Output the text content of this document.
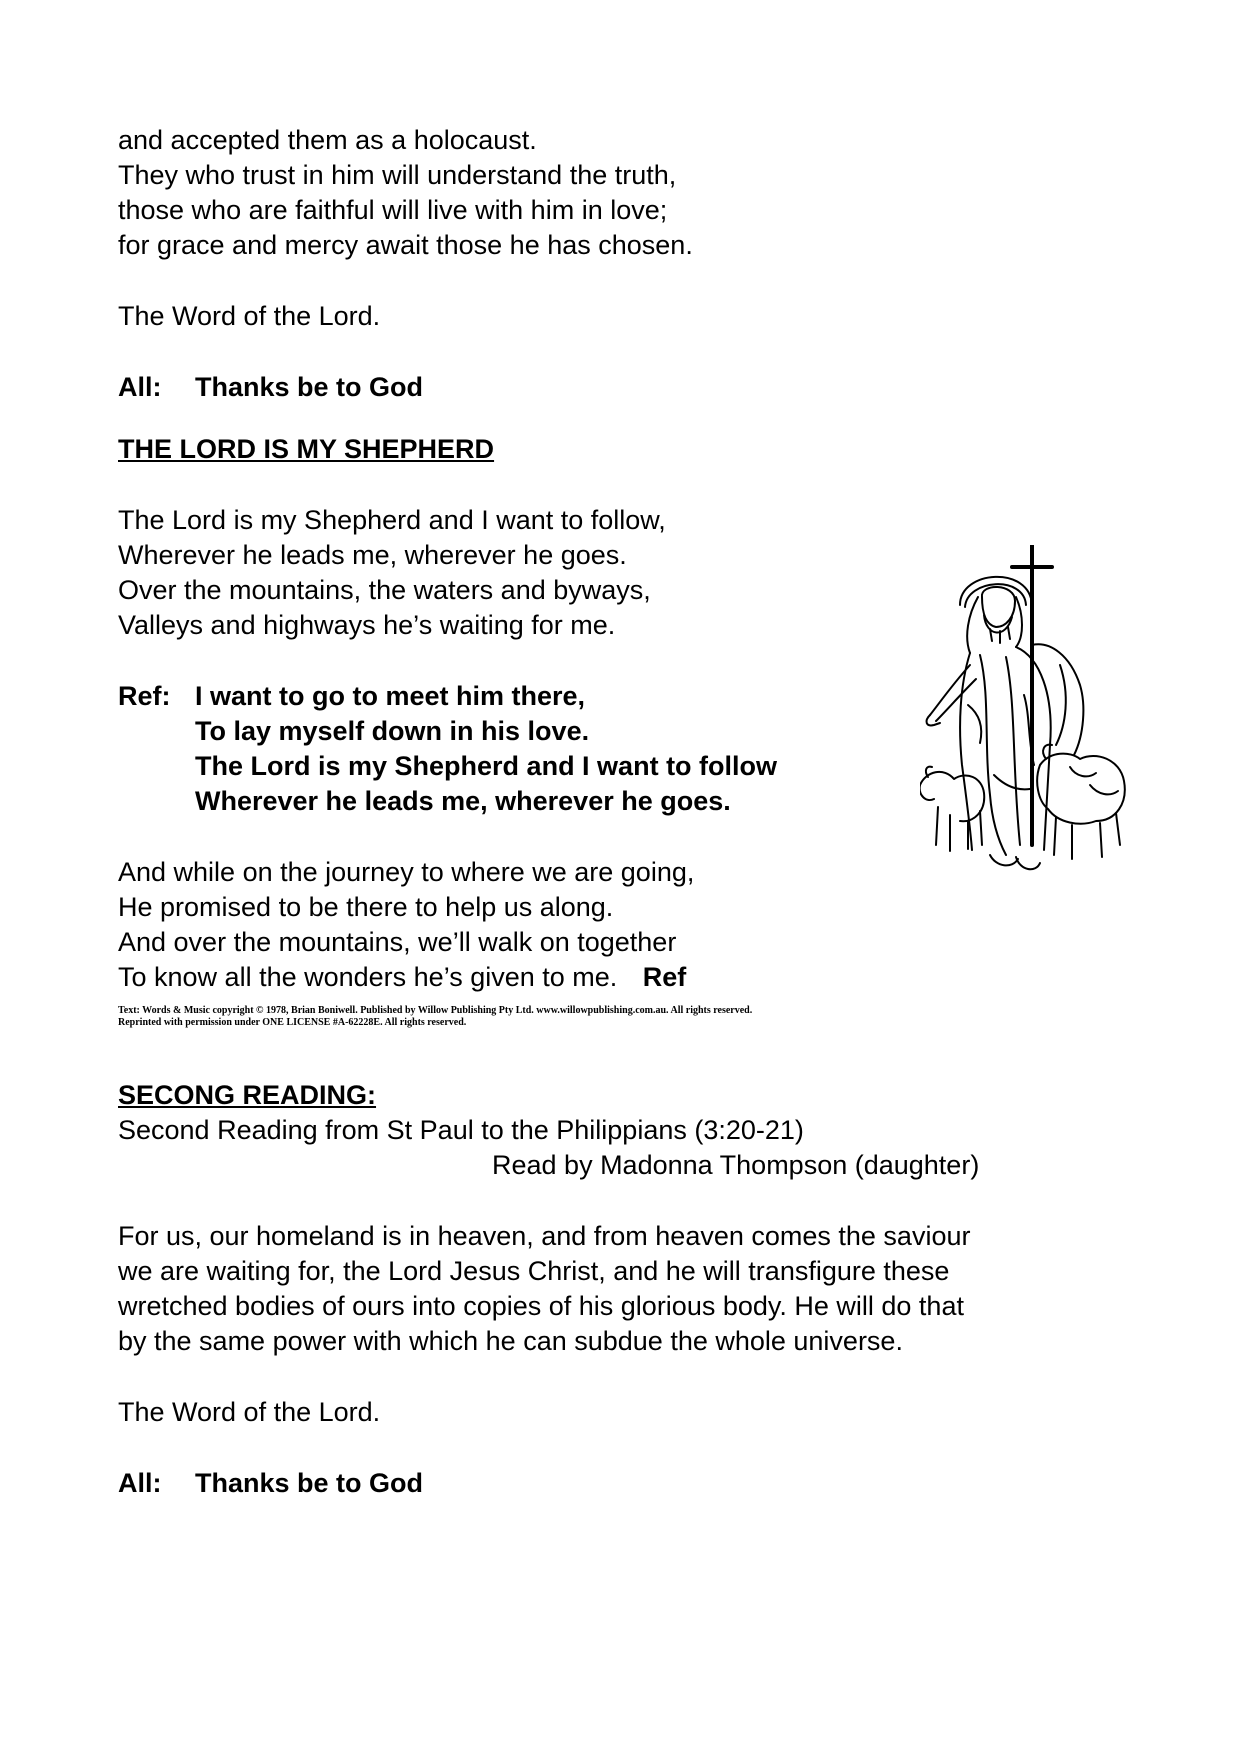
and accepted them as a holocaust.
They who trust in him will understand the truth,
those who are faithful will live with him in love;
for grace and mercy await those he has chosen.
The Word of the Lord.
All: Thanks be to God
THE LORD IS MY SHEPHERD
The Lord is my Shepherd and I want to follow,
Wherever he leads me, wherever he goes.
Over the mountains, the waters and byways,
Valleys and highways he’s waiting for me.
Ref: I want to go to meet him there,
To lay myself down in his love.
The Lord is my Shepherd and I want to follow
Wherever he leads me, wherever he goes.
And while on the journey to where we are going,
He promised to be there to help us along.
And over the mountains, we’ll walk on together
To know all the wonders he’s given to me. Ref
Text: Words & Music copyright © 1978, Brian Boniwell. Published by Willow Publishing Pty Ltd. www.willowpublishing.com.au. All rights reserved.
Reprinted with permission under ONE LICENSE #A-62228E. All rights reserved.
SECONG READING:
Second Reading from St Paul to the Philippians (3:20-21)
Read by Madonna Thompson (daughter)
For us, our homeland is in heaven, and from heaven comes the saviour
we are waiting for, the Lord Jesus Christ, and he will transfigure these
wretched bodies of ours into copies of his glorious body. He will do that
by the same power with which he can subdue the whole universe.
The Word of the Lord.
All: Thanks be to God
